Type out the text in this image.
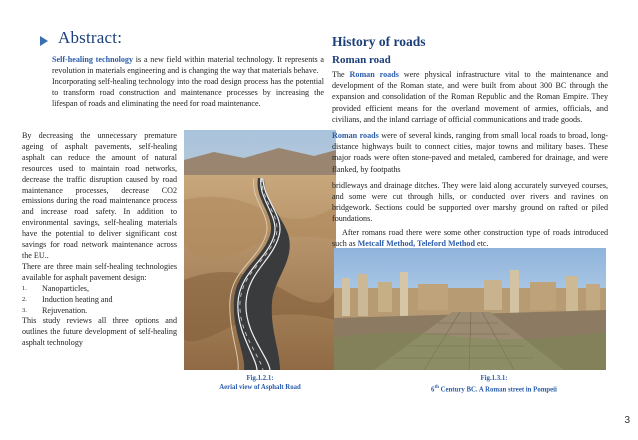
Abstract:

Self-healing technology is a new field within material technology. It represents a revolution in materials engineering and is changing the way that materials behave.

Incorporating self-healing technology into the road design process has the potential to transform road construction and maintenance processes by increasing the lifespan of roads and eliminating the need for road maintenance.

By decreasing the unnecessary premature ageing of asphalt pavements, self-healing asphalt can reduce the amount of natural resources used to maintain road networks, decrease the traffic disruption caused by road maintenance processes, decrease CO2 emissions during the road maintenance process and increase road safety. In addition to environmental savings, self-healing materials have the potential to deliver significant cost savings for road network maintenance across the EU..

There are three main self-healing technologies available for asphalt pavement design:

1.	Nanoparticles,
2.	Induction heating and
3.	Rejuvenation.

This study reviews all three options and outlines the future development of self-healing asphalt technology

Fig.1.2.1:
Aerial view of Asphalt Road
History of roads
Roman road

The Roman roads were physical infrastructure vital to the maintenance and development of the Roman state, and were built from about 300 BC through the expansion and consolidation of the Roman Republic and the Roman Empire. They provided efficient means for the overland movement of armies, officials, and civilians, and the inland carriage of official communications and trade goods.

Roman roads were of several kinds, ranging from small local roads to broad, long-distance highways built to connect cities, major towns and military bases. These major roads were often stone-paved and metaled, cambered for drainage, and were flanked, by footpaths

bridleways and drainage ditches. They were laid along accurately surveyed courses, and some were cut through hills, or conducted over rivers and ravines on bridgework. Sections could be supported over marshy ground on rafted or piled foundations.

After romans road there were some other construction type of roads introduced such as Metcalf Method, Teleford Method etc.

Fig.1.3.1:
6th Century BC. A Roman street in Pompeii
3
